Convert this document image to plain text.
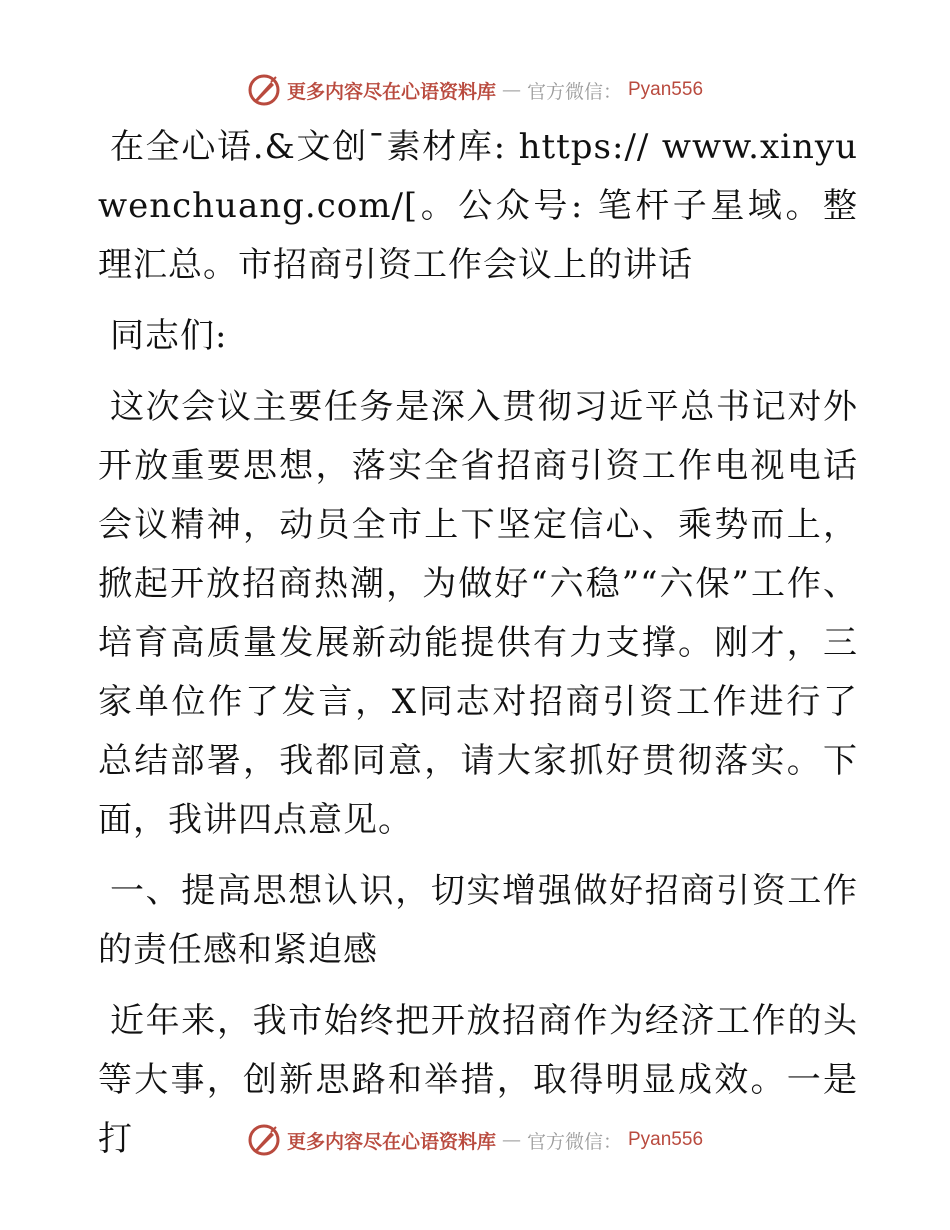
更多内容尽在心语资料库 — 官方微信： Pyan556

在全心语.&文创¯素材库: https:// www.xinyuwenchuang.com/[。公众号: 笔杆子星域。整理汇总。市招商引资工作会议上的讲话

同志们:

这次会议主要任务是深入贯彻习近平总书记对外开放重要思想，落实全省招商引资工作电视电话会议精神，动员全市上下坚定信心、乘势而上，掀起开放招商热潮，为做好“六稳”“六保”工作、培育高质量发展新动能提供有力支撑。刚才，三家单位作了发言，X同志对招商引资工作进行了总结部署，我都同意，请大家抓好贯彻落实。下面，我讲四点意见。

一、提高思想认识，切实增强做好招商引资工作的责任感和紧迫感

近年来，我市始终把开放招商作为经济工作的头等大事，创新思路和举措，取得明显成效。一是打	更多内容尽在心语资料库 — 官方微信： Pyan556
